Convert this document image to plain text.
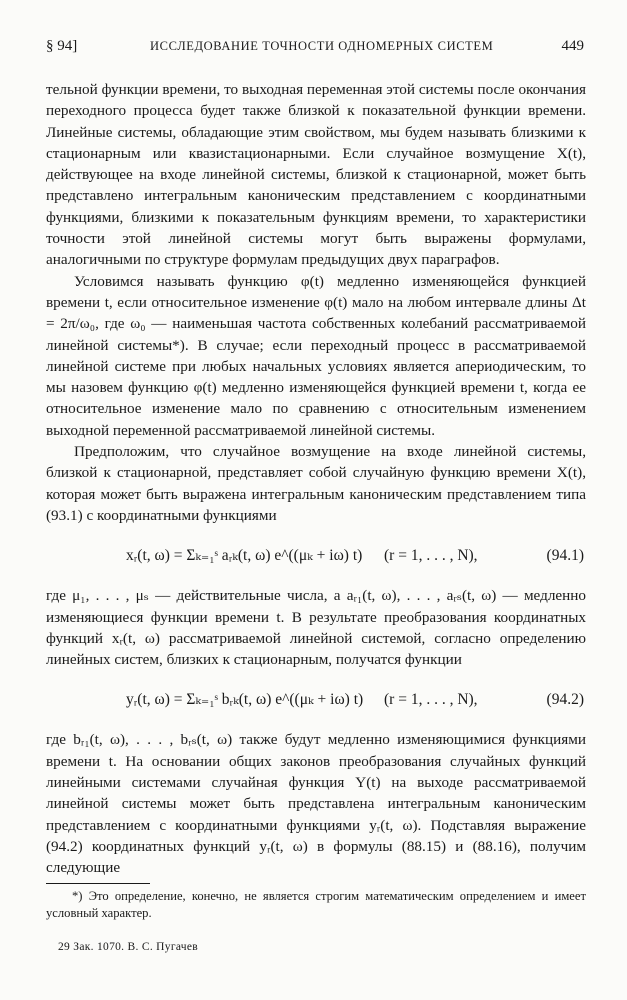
§ 94]	ИССЛЕДОВАНИЕ ТОЧНОСТИ ОДНОМЕРНЫХ СИСТЕМ	449

тельной функции времени, то выходная переменная этой системы после окончания переходного процесса будет также близкой к показательной функции времени. Линейные системы, обладающие этим свойством, мы будем называть близкими к стационарным или квазистационарными. Если случайное возмущение X(t), действующее на входе линейной системы, близкой к стационарной, может быть представлено интегральным каноническим представлением с координатными функциями, близкими к показательным функциям времени, то характеристики точности этой линейной системы могут быть выражены формулами, аналогичными по структуре формулам предыдущих двух параграфов.

Условимся называть функцию φ(t) медленно изменяющейся функцией времени t, если относительное изменение φ(t) мало на любом интервале длины Δt = 2π/ω₀, где ω₀ — наименьшая частота собственных колебаний рассматриваемой линейной системы*). В случае; если переходный процесс в рассматриваемой линейной системе при любых начальных условиях является апериодическим, то мы назовем функцию φ(t) медленно изменяющейся функцией времени t, когда ее относительное изменение мало по сравнению с относительным изменением выходной переменной рассматриваемой линейной системы.

Предположим, что случайное возмущение на входе линейной системы, близкой к стационарной, представляет собой случайную функцию времени X(t), которая может быть выражена интегральным каноническим представлением типа (93.1) с координатными функциями

xᵣ(t, ω) = Σₖ₌₁ˢ aᵣₖ(t, ω) e^((μₖ + iω) t) (r = 1, . . . , N),	(94.1)

где μ₁, . . . , μₛ — действительные числа, а aᵣ₁(t, ω), . . . , aᵣₛ(t, ω) — медленно изменяющиеся функции времени t. В результате преобразования координатных функций xᵣ(t, ω) рассматриваемой линейной системой, согласно определению линейных систем, близких к стационарным, получатся функции

yᵣ(t, ω) = Σₖ₌₁ˢ bᵣₖ(t, ω) e^((μₖ + iω) t) (r = 1, . . . , N),	(94.2)

где bᵣ₁(t, ω), . . . , bᵣₛ(t, ω) также будут медленно изменяющимися функциями времени t. На основании общих законов преобразования случайных функций линейными системами случайная функция Y(t) на выходе рассматриваемой линейной системы может быть представлена интегральным каноническим представлением с координатными функциями yᵣ(t, ω). Подставляя выражение (94.2) координатных функций yᵣ(t, ω) в формулы (88.15) и (88.16), получим следующие

*) Это определение, конечно, не является строгим математическим определением и имеет условный характер.

29 Зак. 1070. В. С. Пугачев
